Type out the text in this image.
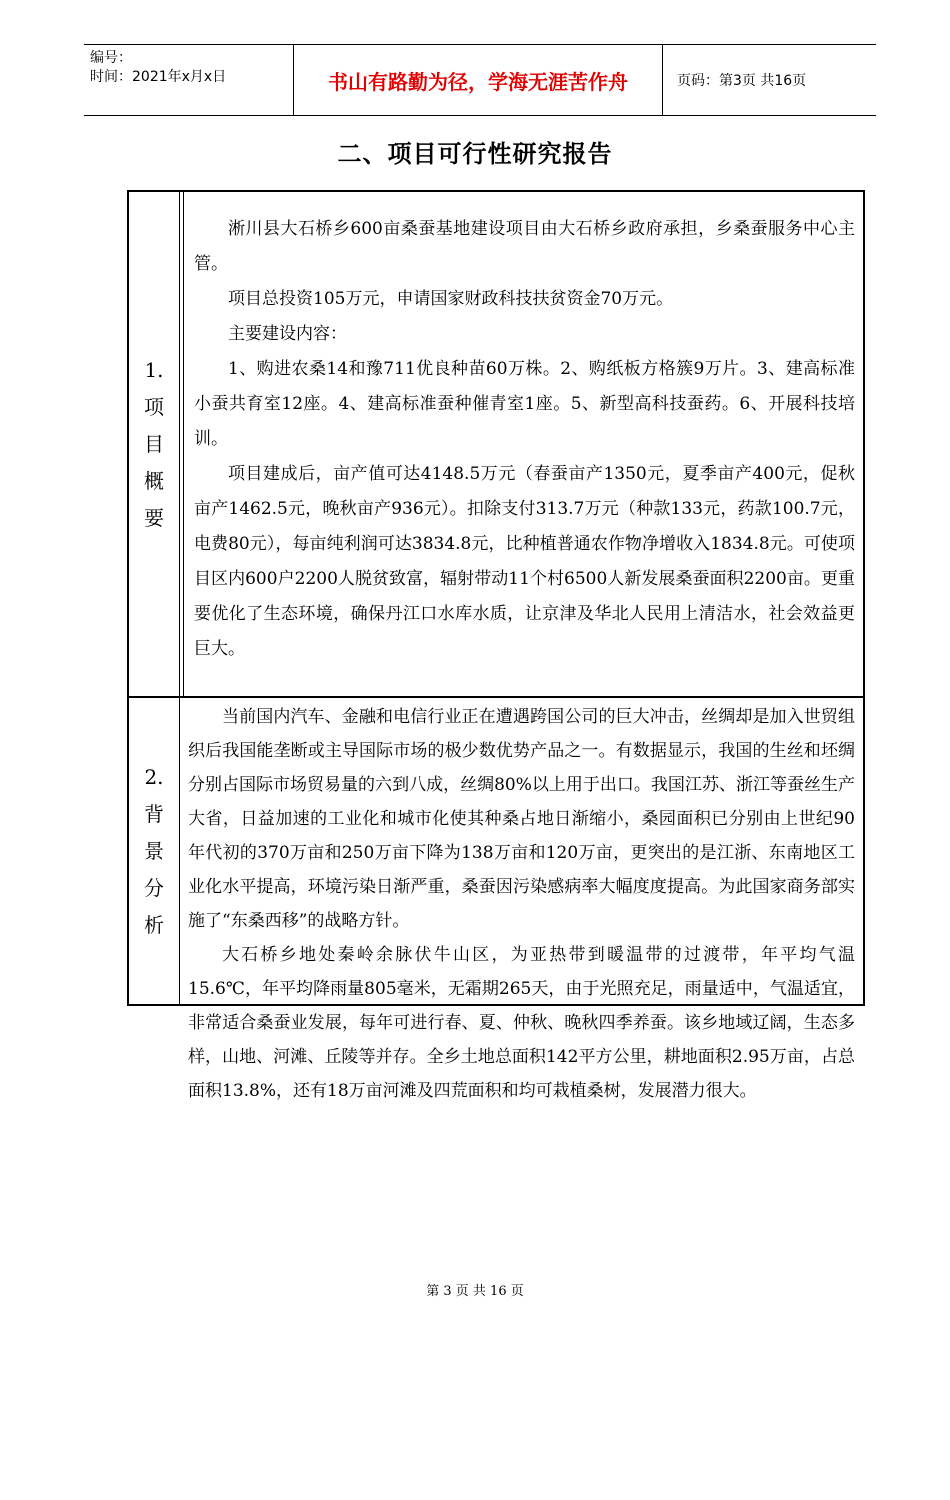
编号：
时间：2021年x月x日	书山有路勤为径，学海无涯苦作舟	页码：第3页 共16页
二、项目可行性研究报告
1.
项
目
概
要

淅川县大石桥乡600亩桑蚕基地建设项目由大石桥乡政府承担，乡桑蚕服务中心主管。

项目总投资105万元，申请国家财政科技扶贫资金70万元。

主要建设内容：

1、购进农桑14和豫711优良种苗60万株。2、购纸板方格簇9万片。3、建高标准小蚕共育室12座。4、建高标准蚕种催青室1座。5、新型高科技蚕药。6、开展科技培训。

项目建成后，亩产值可达4148.5万元（春蚕亩产1350元，夏季亩产400元，促秋亩产1462.5元，晚秋亩产936元）。扣除支付313.7万元（种款133元，药款100.7元，电费80元），每亩纯利润可达3834.8元，比种植普通农作物净增收入1834.8元。可使项目区内600户2200人脱贫致富，辐射带动11个村6500人新发展桑蚕面积2200亩。更重要优化了生态环境，确保丹江口水库水质，让京津及华北人民用上清洁水，社会效益更巨大。

2.
背
景
分
析

当前国内汽车、金融和电信行业正在遭遇跨国公司的巨大冲击，丝绸却是加入世贸组织后我国能垄断或主导国际市场的极少数优势产品之一。有数据显示，我国的生丝和坯绸分别占国际市场贸易量的六到八成，丝绸80%以上用于出口。我国江苏、浙江等蚕丝生产大省，日益加速的工业化和城市化使其种桑占地日渐缩小，桑园面积已分别由上世纪90年代初的370万亩和250万亩下降为138万亩和120万亩，更突出的是江浙、东南地区工业化水平提高，环境污染日渐严重，桑蚕因污染感病率大幅度度提高。为此国家商务部实施了“东桑西移”的战略方针。

大石桥乡地处秦岭余脉伏牛山区，为亚热带到暖温带的过渡带，年平均气温15.6℃，年平均降雨量805毫米，无霜期265天，由于光照充足，雨量适中，气温适宜，非常适合桑蚕业发展，每年可进行春、夏、仲秋、晚秋四季养蚕。该乡地域辽阔，生态多样，山地、河滩、丘陵等并存。全乡土地总面积142平方公里，耕地面积2.95万亩，占总面积13.8%，还有18万亩河滩及四荒面积和均可栽植桑树，发展潜力很大。

第 3 页 共 16 页
